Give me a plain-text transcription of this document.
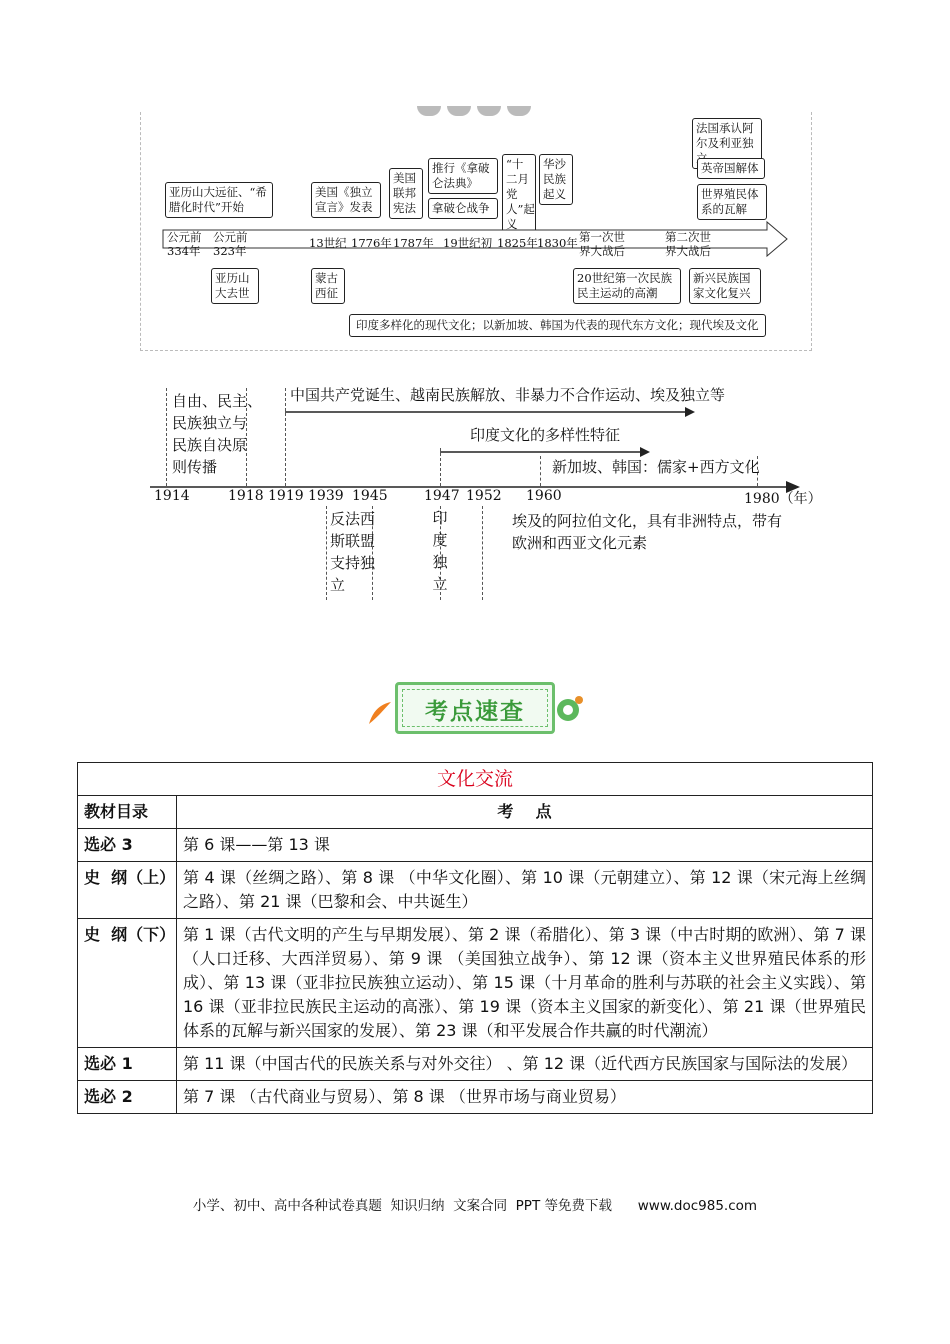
亚历山大远征、“希腊化时代”开始
美国《独立宣言》发表
美国联邦宪法
推行《拿破仑法典》
拿破仑战争
“十二月党人”起义
华沙民族起义
法国承认阿尔及利亚独
英帝国解体
世界殖民体系的瓦解
公元前334年
公元前323年
13世纪 1776年 1787年 19世纪初 1825年 1830年 第一次世界大战后
第二次世界大战后
亚历山大去世
蒙古西征
20世纪第一次民族民主运动的高潮
新兴民族国家文化复兴
印度多样化的现代文化；以新加坡、韩国为代表的现代东方文化；现代埃及文化
自由、民主、
民族独立与
民族自决原
则传播
中国共产党诞生、越南民族解放、非暴力不合作运动、埃及独立等
印度文化的多样性特征
新加坡、韩国：儒家+西方文化
1914	1918 1919 1939 1945	1947 1952 1960	1980（年）
反法西
斯联盟
支持独
立
印
度
独
立
埃及的阿拉伯文化，具有非洲特点，带有
欧洲和西亚文化元素
考点速查
文化交流	
教材目录	考    点
选必 3	第 6 课——第 13 课
史  纲（上）	第 4 课（丝绸之路）、第 8 课 （中华文化圈）、第 10 课（元朝建立）、第 12 课（宋元海上丝绸之路）、第 21 课（巴黎和会、中共诞生）
史  纲（下）	第 1 课（古代文明的产生与早期发展）、第 2 课（希腊化）、第 3 课（中古时期的欧洲）、第 7 课（人口迁移、大西洋贸易）、第 9 课 （美国独立战争）、第 12 课（资本主义世界殖民体系的形成）、第 13 课（亚非拉民族独立运动）、第 15 课（十月革命的胜利与苏联的社会主义实践）、第 16 课（亚非拉民族民主运动的高涨）、第 19 课（资本主义国家的新变化）、第 21 课（世界殖民体系的瓦解与新兴国家的发展）、第 23 课（和平发展合作共赢的时代潮流）
选必 1	第 11 课（中国古代的民族关系与对外交往） 、第 12 课（近代西方民族国家与国际法的发展）
选必 2	第 7 课 （古代商业与贸易）、第 8 课 （世界市场与商业贸易）
小学、初中、高中各种试卷真题  知识归纳  文案合同  PPT 等免费下载      www.doc985.com
